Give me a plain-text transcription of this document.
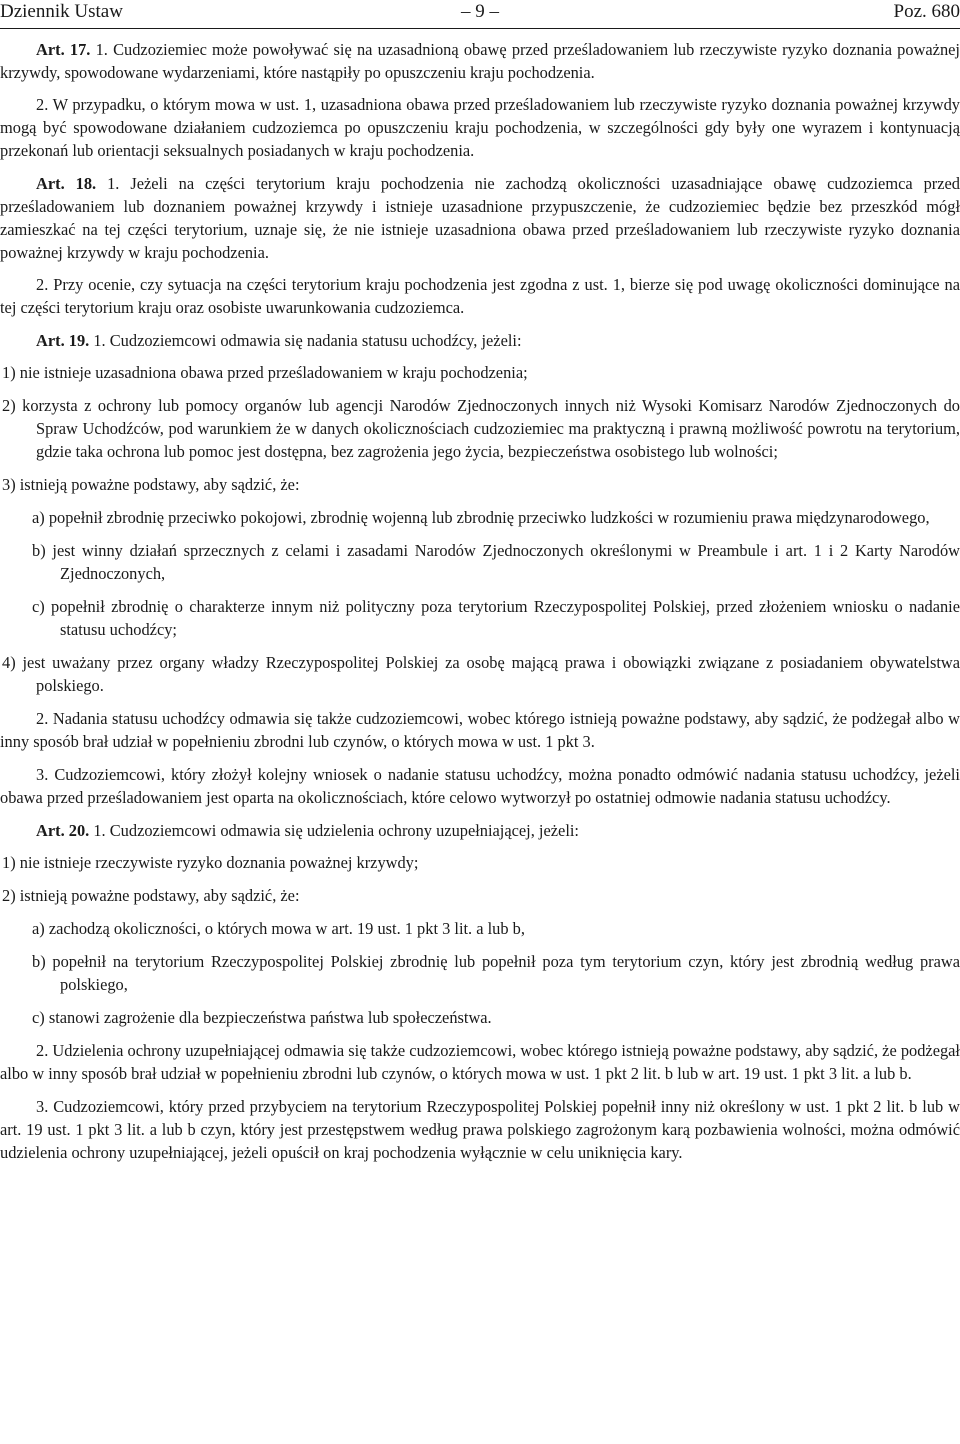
Dziennik Ustaw	– 9 –	Poz. 680

Art. 17. 1. Cudzoziemiec może powoływać się na uzasadnioną obawę przed prześladowaniem lub rzeczywiste ryzyko doznania poważnej krzywdy, spowodowane wydarzeniami, które nastąpiły po opuszczeniu kraju pochodzenia.

2. W przypadku, o którym mowa w ust. 1, uzasadniona obawa przed prześladowaniem lub rzeczywiste ryzyko doznania poważnej krzywdy mogą być spowodowane działaniem cudzoziemca po opuszczeniu kraju pochodzenia, w szczególności gdy były one wyrazem i kontynuacją przekonań lub orientacji seksualnych posiadanych w kraju pochodzenia.

Art. 18. 1. Jeżeli na części terytorium kraju pochodzenia nie zachodzą okoliczności uzasadniające obawę cudzoziemca przed prześladowaniem lub doznaniem poważnej krzywdy i istnieje uzasadnione przypuszczenie, że cudzoziemiec będzie bez przeszkód mógł zamieszkać na tej części terytorium, uznaje się, że nie istnieje uzasadniona obawa przed prześladowaniem lub rzeczywiste ryzyko doznania poważnej krzywdy w kraju pochodzenia.

2. Przy ocenie, czy sytuacja na części terytorium kraju pochodzenia jest zgodna z ust. 1, bierze się pod uwagę okoliczności dominujące na tej części terytorium kraju oraz osobiste uwarunkowania cudzoziemca.

Art. 19. 1. Cudzoziemcowi odmawia się nadania statusu uchodźcy, jeżeli:

1) nie istnieje uzasadniona obawa przed prześladowaniem w kraju pochodzenia;

2) korzysta z ochrony lub pomocy organów lub agencji Narodów Zjednoczonych innych niż Wysoki Komisarz Narodów Zjednoczonych do Spraw Uchodźców, pod warunkiem że w danych okolicznościach cudzoziemiec ma praktyczną i prawną możliwość powrotu na terytorium, gdzie taka ochrona lub pomoc jest dostępna, bez zagrożenia jego życia, bezpieczeństwa osobistego lub wolności;

3) istnieją poważne podstawy, aby sądzić, że:

a) popełnił zbrodnię przeciwko pokojowi, zbrodnię wojenną lub zbrodnię przeciwko ludzkości w rozumieniu prawa międzynarodowego,

b) jest winny działań sprzecznych z celami i zasadami Narodów Zjednoczonych określonymi w Preambule i art. 1 i 2 Karty Narodów Zjednoczonych,

c) popełnił zbrodnię o charakterze innym niż polityczny poza terytorium Rzeczypospolitej Polskiej, przed złożeniem wniosku o nadanie statusu uchodźcy;

4) jest uważany przez organy władzy Rzeczypospolitej Polskiej za osobę mającą prawa i obowiązki związane z posiadaniem obywatelstwa polskiego.

2. Nadania statusu uchodźcy odmawia się także cudzoziemcowi, wobec którego istnieją poważne podstawy, aby sądzić, że podżegał albo w inny sposób brał udział w popełnieniu zbrodni lub czynów, o których mowa w ust. 1 pkt 3.

3. Cudzoziemcowi, który złożył kolejny wniosek o nadanie statusu uchodźcy, można ponadto odmówić nadania statusu uchodźcy, jeżeli obawa przed prześladowaniem jest oparta na okolicznościach, które celowo wytworzył po ostatniej odmowie nadania statusu uchodźcy.

Art. 20. 1. Cudzoziemcowi odmawia się udzielenia ochrony uzupełniającej, jeżeli:

1) nie istnieje rzeczywiste ryzyko doznania poważnej krzywdy;

2) istnieją poważne podstawy, aby sądzić, że:

a) zachodzą okoliczności, o których mowa w art. 19 ust. 1 pkt 3 lit. a lub b,

b) popełnił na terytorium Rzeczypospolitej Polskiej zbrodnię lub popełnił poza tym terytorium czyn, który jest zbrodnią według prawa polskiego,

c) stanowi zagrożenie dla bezpieczeństwa państwa lub społeczeństwa.

2. Udzielenia ochrony uzupełniającej odmawia się także cudzoziemcowi, wobec którego istnieją poważne podstawy, aby sądzić, że podżegał albo w inny sposób brał udział w popełnieniu zbrodni lub czynów, o których mowa w ust. 1 pkt 2 lit. b lub w art. 19 ust. 1 pkt 3 lit. a lub b.

3. Cudzoziemcowi, który przed przybyciem na terytorium Rzeczypospolitej Polskiej popełnił inny niż określony w ust. 1 pkt 2 lit. b lub w art. 19 ust. 1 pkt 3 lit. a lub b czyn, który jest przestępstwem według prawa polskiego zagrożonym karą pozbawienia wolności, można odmówić udzielenia ochrony uzupełniającej, jeżeli opuścił on kraj pochodzenia wyłącznie w celu uniknięcia kary.
